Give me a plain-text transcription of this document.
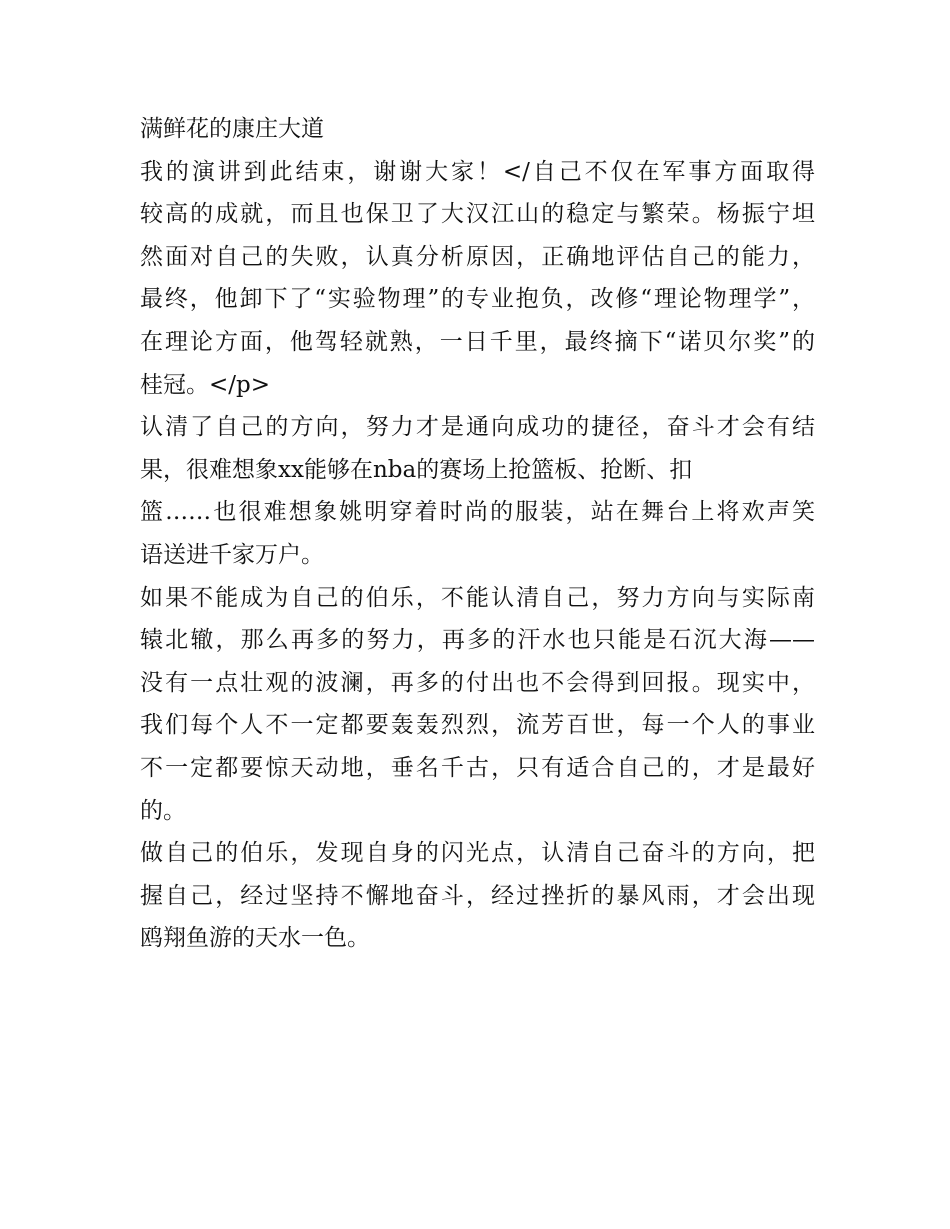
满鲜花的康庄大道
我的演讲到此结束，谢谢大家！</自己不仅在军事方面取得
较高的成就，而且也保卫了大汉江山的稳定与繁荣。杨振宁坦
然面对自己的失败，认真分析原因，正确地评估自己的能力，
最终，他卸下了“实验物理”的专业抱负，改修“理论物理学”，
在理论方面，他驾轻就熟，一日千里，最终摘下“诺贝尔奖”的
桂冠。</p>
认清了自己的方向，努力才是通向成功的捷径，奋斗才会有结
果，很难想象xx能够在nba的赛场上抢篮板、抢断、扣
篮……也很难想象姚明穿着时尚的服装，站在舞台上将欢声笑
语送进千家万户。
如果不能成为自己的伯乐，不能认清自己，努力方向与实际南
辕北辙，那么再多的努力，再多的汗水也只能是石沉大海——
没有一点壮观的波澜，再多的付出也不会得到回报。现实中，
我们每个人不一定都要轰轰烈烈，流芳百世，每一个人的事业
不一定都要惊天动地，垂名千古，只有适合自己的，才是最好
的。
做自己的伯乐，发现自身的闪光点，认清自己奋斗的方向，把
握自己，经过坚持不懈地奋斗，经过挫折的暴风雨，才会出现
鸥翔鱼游的天水一色。
